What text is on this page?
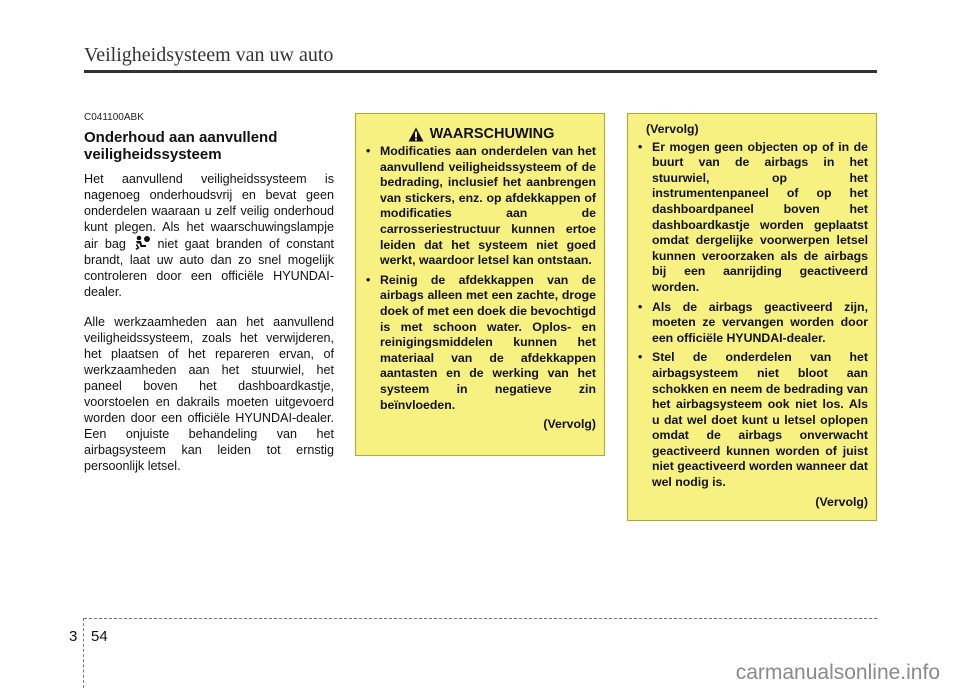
Veiligheidsysteem van uw auto
C041100ABK
Onderhoud aan aanvullend veiligheidssysteem

Het aanvullend veiligheidssysteem is nagenoeg onderhoudsvrij en bevat geen onderdelen waaraan u zelf veilig onderhoud kunt plegen. Als het waarschuwingslampje air bag	niet gaat branden of constant brandt, laat uw auto dan zo snel mogelijk controleren door een officiële HYUNDAI-dealer.

Alle werkzaamheden aan het aanvullend veiligheidssysteem, zoals het verwijderen, het plaatsen of het repareren ervan, of werkzaamheden aan het stuurwiel, het paneel boven het dashboardkastje, voorstoelen en dakrails moeten uitgevoerd worden door een officiële HYUNDAI-dealer. Een onjuiste behandeling van het airbagsysteem kan leiden tot ernstig persoonlijk letsel.

WAARSCHUWING
• Modificaties aan onderdelen van het aanvullend veiligheidssysteem of de bedrading, inclusief het aanbrengen van stickers, enz. op afdekkappen of modificaties aan de carrosseriestructuur kunnen ertoe leiden dat het systeem niet goed werkt, waardoor letsel kan ontstaan.
• Reinig de afdekkappen van de airbags alleen met een zachte, droge doek of met een doek die bevochtigd is met schoon water. Oplos- en reinigingsmiddelen kunnen het materiaal van de afdekkappen aantasten en de werking van het systeem in negatieve zin beïnvloeden.
(Vervolg)
(Vervolg)
• Er mogen geen objecten op of in de buurt van de airbags in het stuurwiel, op het instrumentenpaneel of op het dashboardpaneel boven het dashboardkastje worden geplaatst omdat dergelijke voorwerpen letsel kunnen veroorzaken als de airbags bij een aanrijding geactiveerd worden.
• Als de airbags geactiveerd zijn, moeten ze vervangen worden door een officiële HYUNDAI-dealer.
• Stel de onderdelen van het airbagsysteem niet bloot aan schokken en neem de bedrading van het airbagsysteem ook niet los. Als u dat wel doet kunt u letsel oplopen omdat de airbags onverwacht geactiveerd kunnen worden of juist niet geactiveerd worden wanneer dat wel nodig is.
(Vervolg)
3 54
carmanualsonline.info
